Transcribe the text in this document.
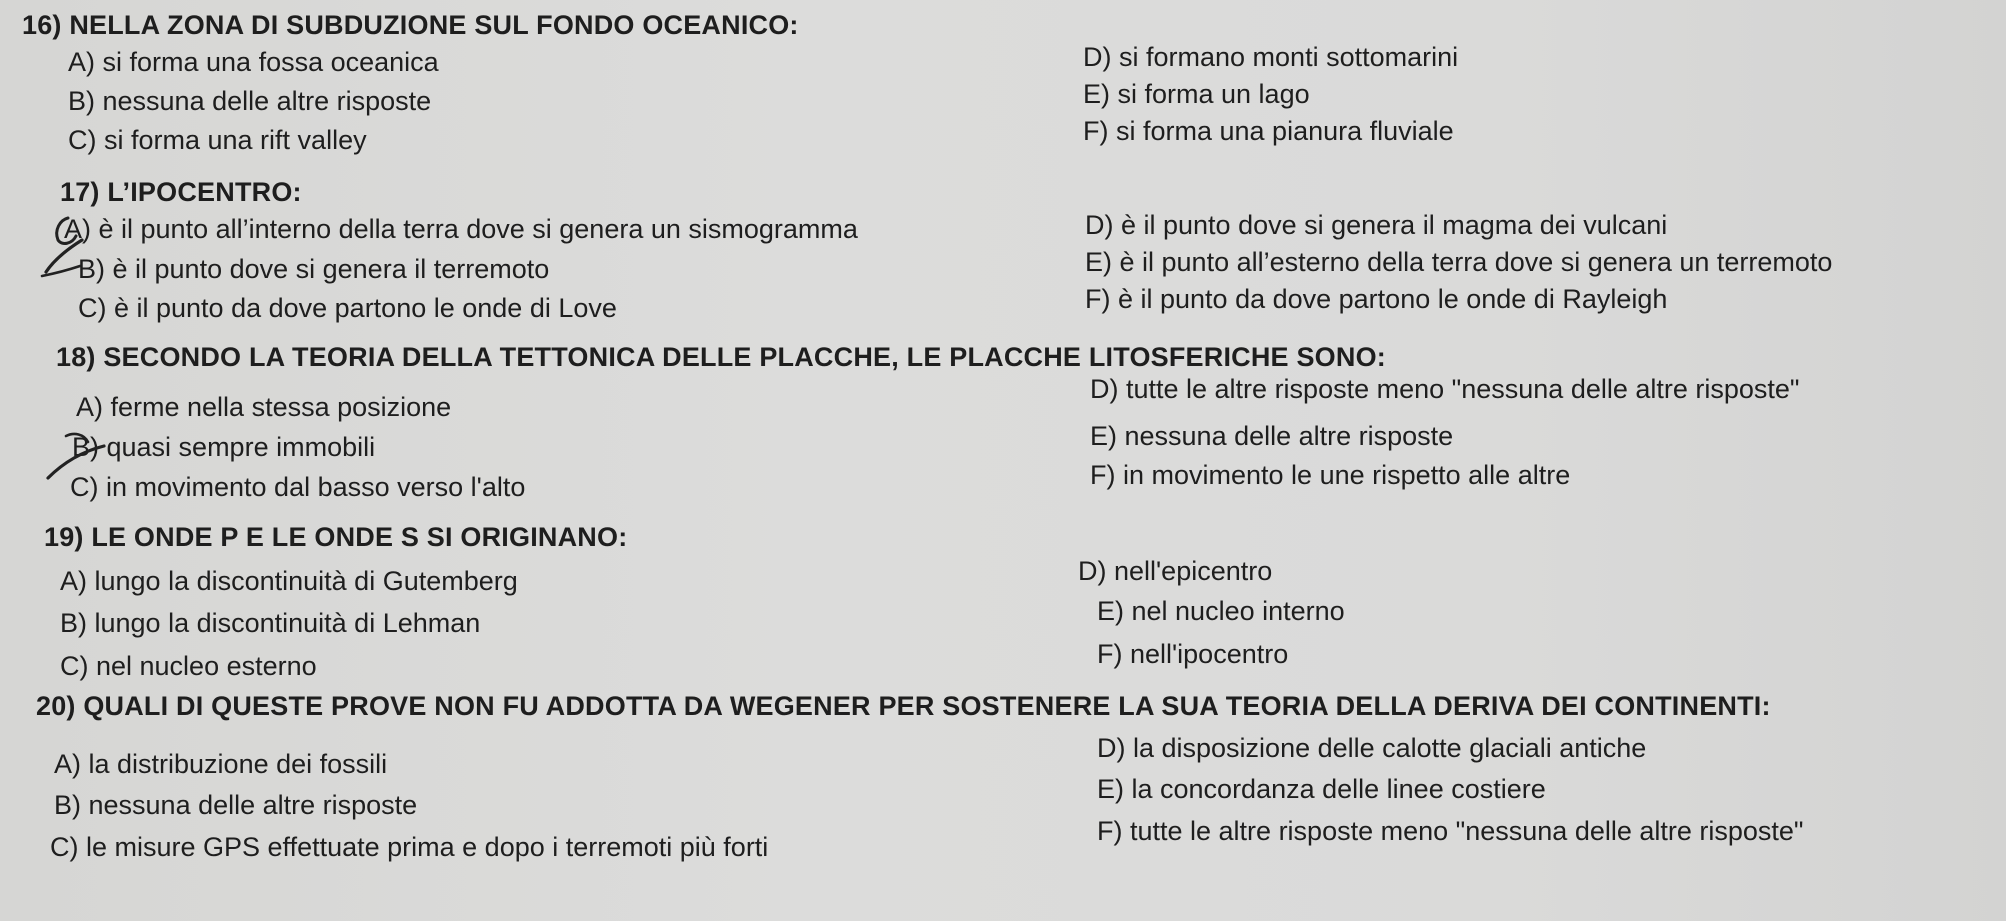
16) NELLA ZONA DI SUBDUZIONE SUL FONDO OCEANICO:
A) si forma una fossa oceanica
B) nessuna delle altre risposte
C) si forma una rift valley
D) si formano monti sottomarini
E) si forma un lago
F) si forma una pianura fluviale
17) L’IPOCENTRO:
A) è il punto all’interno della terra dove si genera un sismogramma
B) è il punto dove si genera il terremoto
C) è il punto da dove partono le onde di Love
D) è il punto dove si genera il magma dei vulcani
E) è il punto all’esterno della terra dove si genera un terremoto
F) è il punto da dove partono le onde di Rayleigh
18) SECONDO LA TEORIA DELLA TETTONICA DELLE PLACCHE, LE PLACCHE LITOSFERICHE SONO:
A) ferme nella stessa posizione
B) quasi sempre immobili
C) in movimento dal basso verso l'alto
D) tutte le altre risposte meno "nessuna delle altre risposte"
E) nessuna delle altre risposte
F) in movimento le une rispetto alle altre
19) LE ONDE P E LE ONDE S SI ORIGINANO:
A) lungo la discontinuità di Gutemberg
B) lungo la discontinuità di Lehman
C) nel nucleo esterno
D) nell'epicentro
E) nel nucleo interno
F) nell'ipocentro
20) QUALI DI QUESTE PROVE NON FU ADDOTTA DA WEGENER PER SOSTENERE LA SUA TEORIA DELLA DERIVA DEI CONTINENTI:
A) la distribuzione dei fossili
B) nessuna delle altre risposte
C) le misure GPS effettuate prima e dopo i terremoti più forti
D) la disposizione delle calotte glaciali antiche
E) la concordanza delle linee costiere
F) tutte le altre risposte meno "nessuna delle altre risposte"
